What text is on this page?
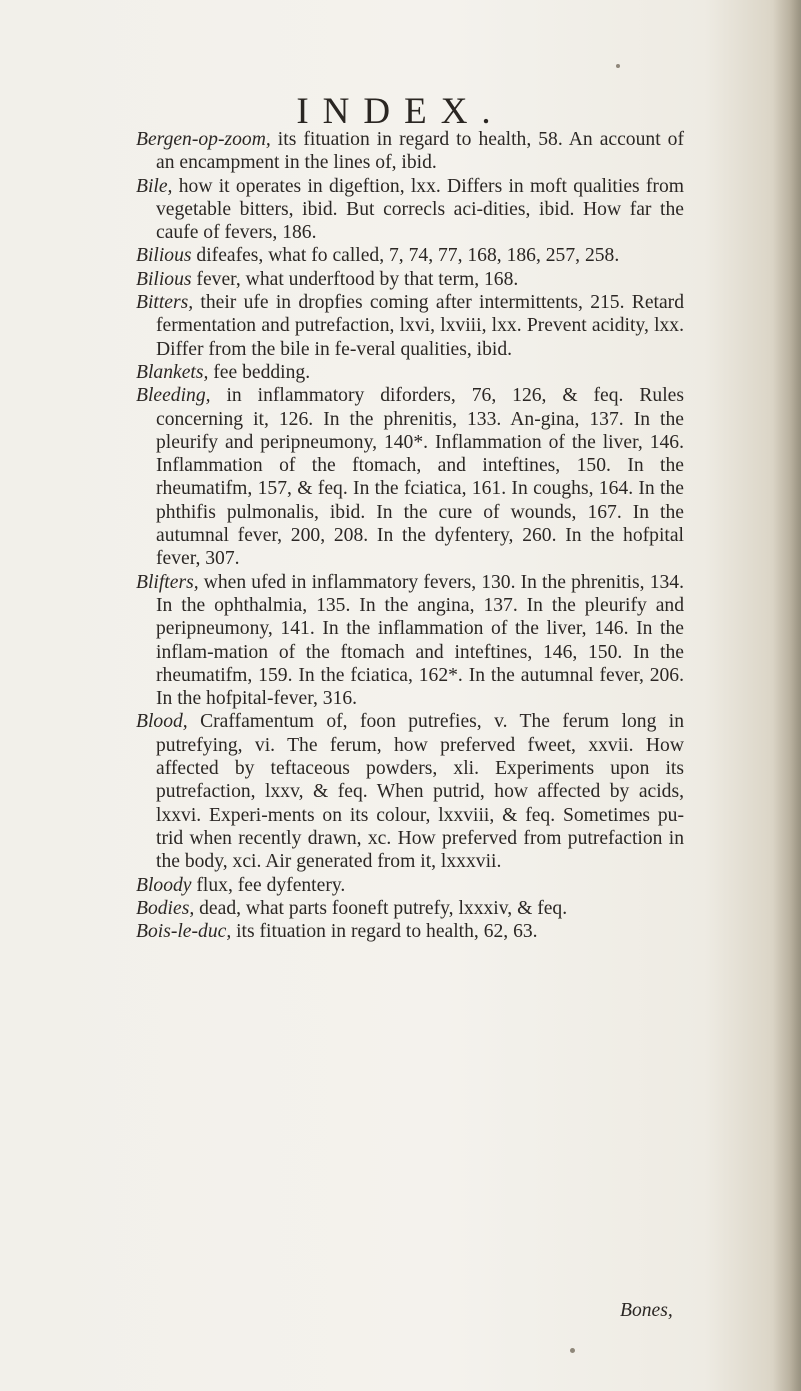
INDEX.

Bergen-op-zoom, its fituation in regard to health, 58. An account of an encampment in the lines of, ibid.

Bile, how it operates in digeftion, lxx. Differs in moft qualities from vegetable bitters, ibid. But correcls aci-dities, ibid. How far the caufe of fevers, 186.

Bilious difeafes, what fo called, 7, 74, 77, 168, 186, 257, 258.

Bilious fever, what underftood by that term, 168.

Bitters, their ufe in dropfies coming after intermittents, 215. Retard fermentation and putrefaction, lxvi, lxviii, lxx. Prevent acidity, lxx. Differ from the bile in fe-veral qualities, ibid.

Blankets, fee bedding.

Bleeding, in inflammatory diforders, 76, 126, & feq. Rules concerning it, 126. In the phrenitis, 133. An-gina, 137. In the pleurify and peripneumony, 140*. Inflammation of the liver, 146. Inflammation of the ftomach, and inteftines, 150. In the rheumatifm, 157, & feq. In the fciatica, 161. In coughs, 164. In the phthifis pulmonalis, ibid. In the cure of wounds, 167. In the autumnal fever, 200, 208. In the dyfentery, 260. In the hofpital fever, 307.

Blifters, when ufed in inflammatory fevers, 130. In the phrenitis, 134. In the ophthalmia, 135. In the angina, 137. In the pleurify and peripneumony, 141. In the inflammation of the liver, 146. In the inflam-mation of the ftomach and inteftines, 146, 150. In the rheumatifm, 159. In the fciatica, 162*. In the autumnal fever, 206. In the hofpital-fever, 316.

Blood, Craffamentum of, foon putrefies, v. The ferum long in putrefying, vi. The ferum, how preferved fweet, xxvii. How affected by teftaceous powders, xli. Experiments upon its putrefaction, lxxv, & feq. When putrid, how affected by acids, lxxvi. Experi-ments on its colour, lxxviii, & feq. Sometimes pu-trid when recently drawn, xc. How preferved from putrefaction in the body, xci. Air generated from it, lxxxvii.

Bloody flux, fee dyfentery.

Bodies, dead, what parts fooneft putrefy, lxxxiv, & feq.

Bois-le-duc, its fituation in regard to health, 62, 63.

Bones,
